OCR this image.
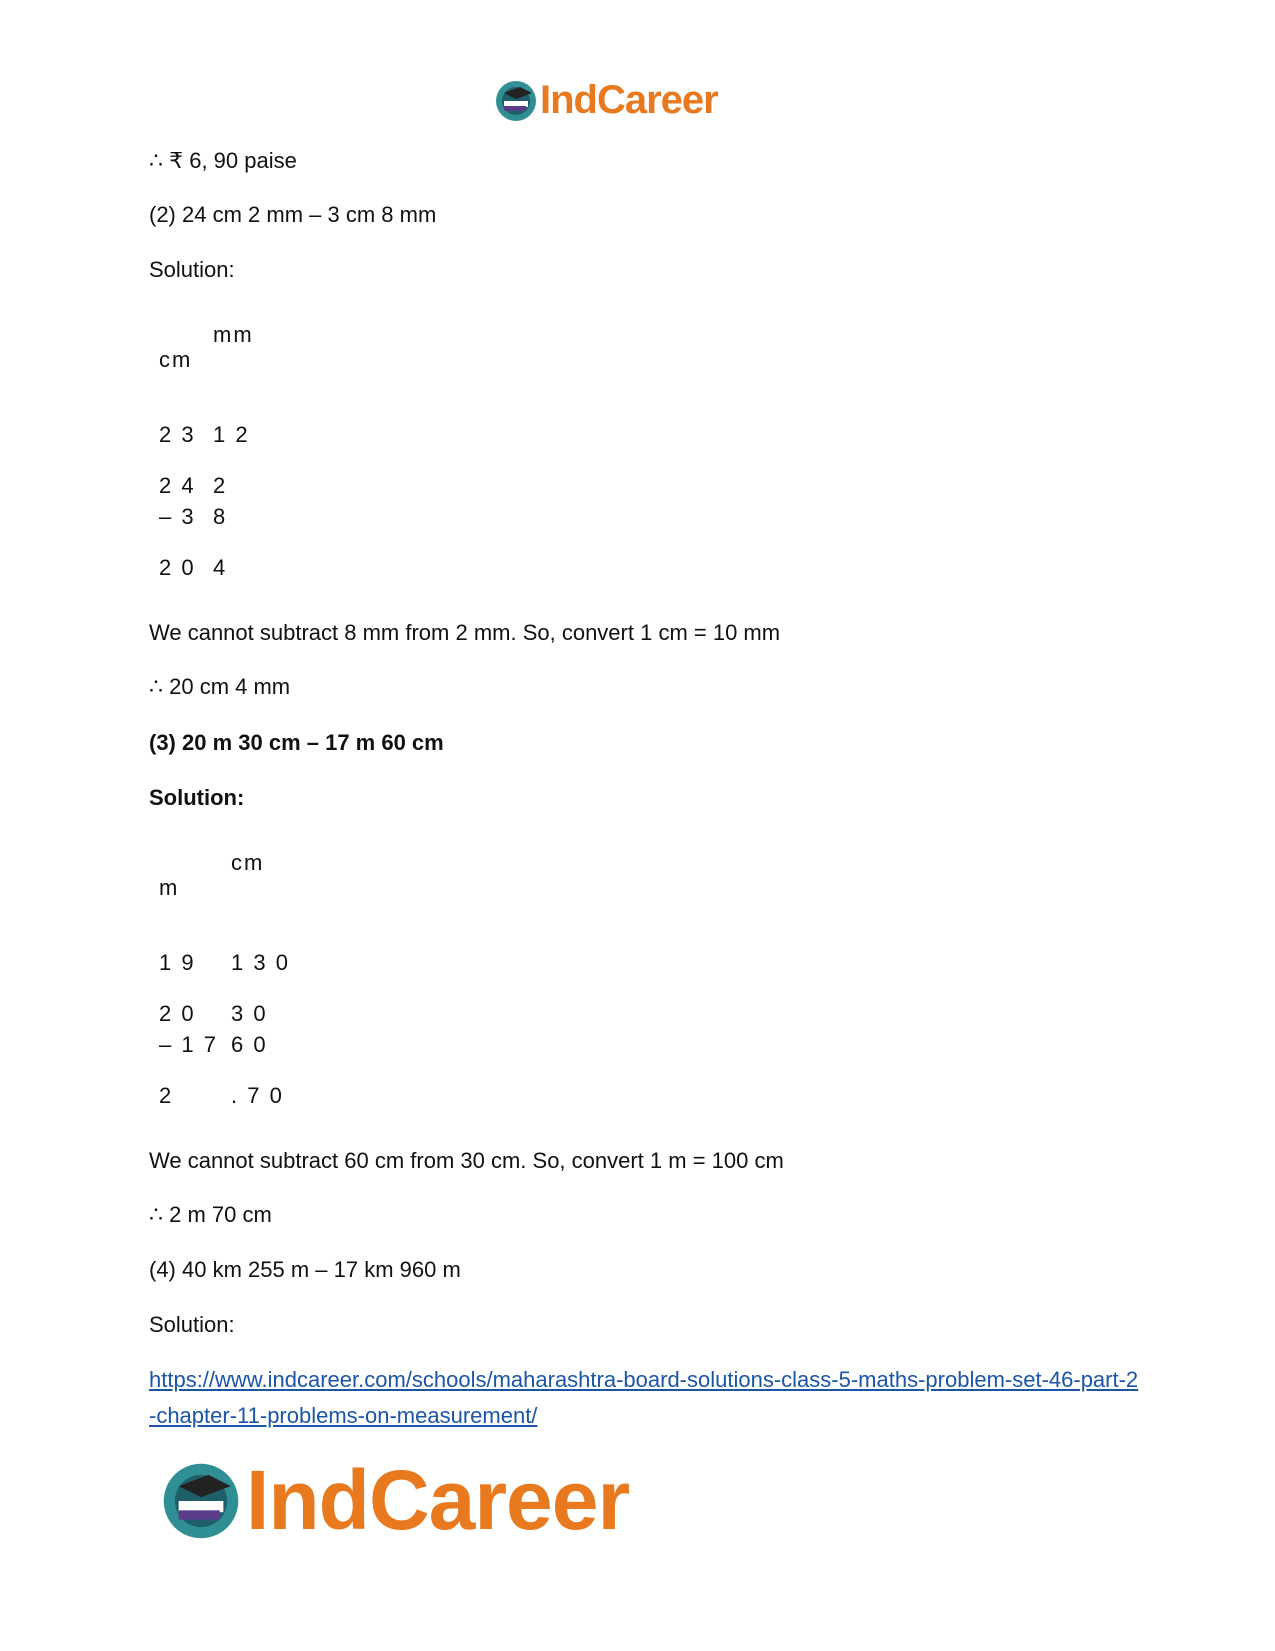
IndCareer
∴ ₹ 6, 90 paise
(2) 24 cm 2 mm – 3 cm 8 mm
Solution:
mm
cm
2 3 1 2
2 4 2
– 3 8
2 0 4
We cannot subtract 8 mm from 2 mm. So, convert 1 cm = 10 mm
∴ 20 cm 4 mm
(3) 20 m 30 cm – 17 m 60 cm
Solution:
cm
m
1 9 1 3 0
2 0 3 0
– 1 7 6 0
2	. 7 0
We cannot subtract 60 cm from 30 cm. So, convert 1 m = 100 cm
∴ 2 m 70 cm
(4) 40 km 255 m – 17 km 960 m
Solution:
https://www.indcareer.com/schools/maharashtra-board-solutions-class-5-maths-problem-set-46-part-2-chapter-11-problems-on-measurement/
IndCareer
